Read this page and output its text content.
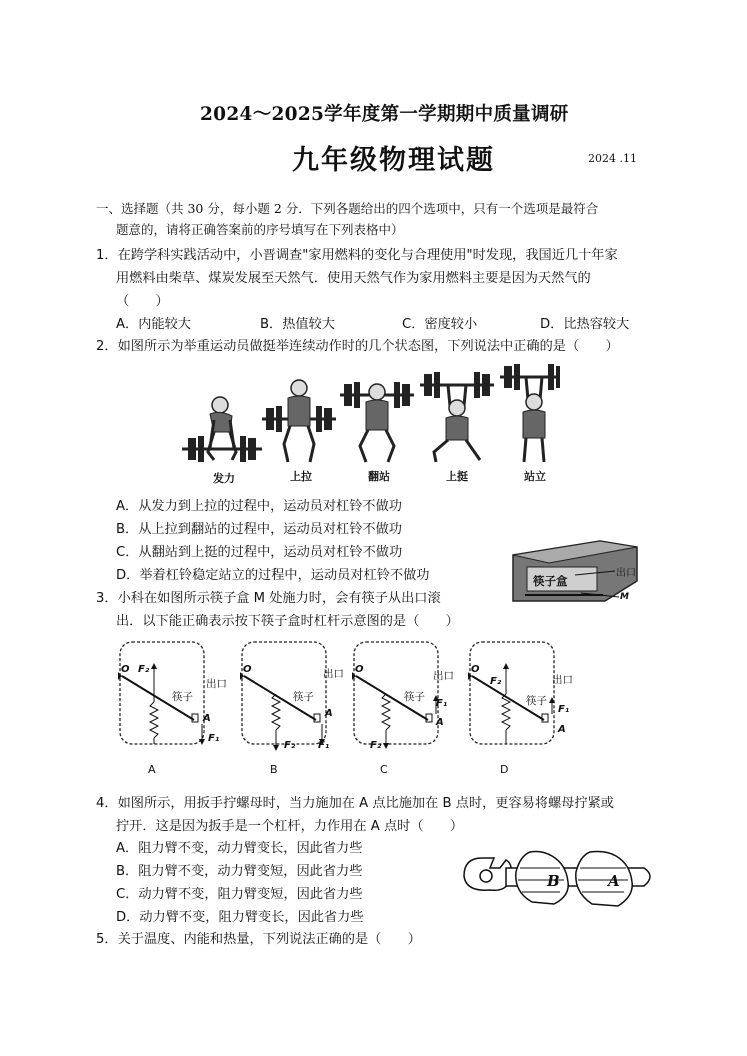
2024～2025学年度第一学期期中质量调研
九年级物理试题	2024 .11
一、选择题（共 30 分，每小题 2 分．下列各题给出的四个选项中，只有一个选项是最符合
题意的，请将正确答案前的序号填写在下列表格中）
1．在跨学科实践活动中，小晋调查"家用燃料的变化与合理使用"时发现，我国近几十年家
用燃料由柴草、煤炭发展至天然气．使用天然气作为家用燃料主要是因为天然气的
（　　）
A．内能较大	B．热值较大	C．密度较小	D．比热容较大
2．如图所示为举重运动员做挺举连续动作时的几个状态图，下列说法中正确的是（　　）
发力	上拉	翻站	上挺	站立
A．从发力到上拉的过程中，运动员对杠铃不做功
B．从上拉到翻站的过程中，运动员对杠铃不做功
C．从翻站到上挺的过程中，运动员对杠铃不做功
D．举着杠铃稳定站立的过程中，运动员对杠铃不做功	筷子盒
出口
M
3．小科在如图所示筷子盒 M 处施力时，会有筷子从出口滚
出．以下能正确表示按下筷子盒时杠杆示意图的是（　　）
O F₂
筷子
出口
A
F₁
O
筷子
出口
A
F₂ F₁
O
筷子
出口
F₁
A
F₂
O
F₂
筷子
出口
F₁
A
A	B	C	D
4．如图所示，用扳手拧螺母时，当力施加在 A 点比施加在 B 点时，更容易将螺母拧紧或
拧开．这是因为扳手是一个杠杆，力作用在 A 点时（　　）
A．阻力臂不变，动力臂变长，因此省力些
B．阻力臂不变，动力臂变短，因此省力些
C．动力臂不变，阻力臂变短，因此省力些
D．动力臂不变，阻力臂变长，因此省力些
B	A
5．关于温度、内能和热量，下列说法正确的是（　　）
